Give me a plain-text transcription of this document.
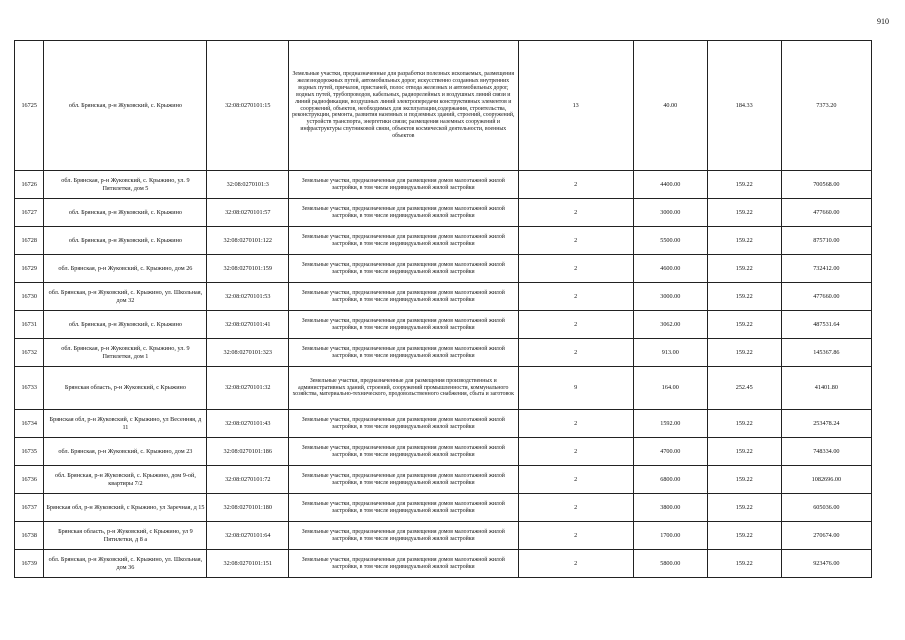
910
16725	обл. Брянская, р-н Жуковский, с. Крыжино	32:08:0270101:15	Земельные участки, предназначенные для разработки полезных ископаемых, размещения железнодорожных путей, автомобильных дорог, искусственно созданных внутренних водных путей, причалов, пристаней, полос отвода железных и автомобильных дорог, водных путей, трубопроводов, кабельных, радиорелейных и воздушных линий связи и линий радиофикации, воздушных линий электропередачи конструктивных элементов и сооружений, объектов, необходимых для эксплуатации,содержания, строительства, реконструкции, ремонта, развития наземных и подземных зданий, строений, сооружений, устройств транспорта, энергетики связи; размещения наземных сооружений и инфраструктуры спутниковой связи, объектов космической деятельности, военных объектов	13	40.00	184.33	7373.20
16726	обл. Брянская, р-н Жуковский, с. Крыжино, ул. 9 Пятилетки, дом 5	32:08:0270101:3	Земельные участки, предназначенные для размещения домов малоэтажной жилой застройки, в том числе индивидуальной жилой застройки	2	4400.00	159.22	700568.00
16727	обл. Брянская, р-н Жуковский, с. Крыжино	32:08:0270101:57	Земельные участки, предназначенные для размещения домов малоэтажной жилой застройки, в том числе индивидуальной жилой застройки	2	3000.00	159.22	477660.00
16728	обл. Брянская, р-н Жуковский, с. Крыжино	32:08:0270101:122	Земельные участки, предназначенные для размещения домов малоэтажной жилой застройки, в том числе индивидуальной жилой застройки	2	5500.00	159.22	875710.00
16729	обл. Брянская, р-н Жуковский, с. Крыжино, дом 26	32:08:0270101:159	Земельные участки, предназначенные для размещения домов малоэтажной жилой застройки, в том числе индивидуальной жилой застройки	2	4600.00	159.22	732412.00
16730	обл. Брянская, р-н Жуковский, с. Крыжино, ул. Школьная, дом 32	32:08:0270101:53	Земельные участки, предназначенные для размещения домов малоэтажной жилой застройки, в том числе индивидуальной жилой застройки	2	3000.00	159.22	477660.00
16731	обл. Брянская, р-н Жуковский, с. Крыжино	32:08:0270101:41	Земельные участки, предназначенные для размещения домов малоэтажной жилой застройки, в том числе индивидуальной жилой застройки	2	3062.00	159.22	487531.64
16732	обл. Брянская, р-н Жуковский, с. Крыжино, ул. 9 Пятилетки, дом 1	32:08:0270101:323	Земельные участки, предназначенные для размещения домов малоэтажной жилой застройки, в том числе индивидуальной жилой застройки	2	913.00	159.22	145367.86
16733	Брянская область, р-н Жуковский, с Крыжино	32:08:0270101:32	Земельные участки, предназначенные для размещения производственных и административных зданий, строений, сооружений промышленности, коммунального хозяйства, материально-технического, продовольственного снабжения, сбыта и заготовок	9	164.00	252.45	41401.80
16734	Брянская обл, р-н Жуковский, с Крыжино, ул Весенняя, д 11	32:08:0270101:43	Земельные участки, предназначенные для размещения домов малоэтажной жилой застройки, в том числе индивидуальной жилой застройки	2	1592.00	159.22	253478.24
16735	обл. Брянская, р-н Жуковский, с. Крыжино, дом 23	32:08:0270101:186	Земельные участки, предназначенные для размещения домов малоэтажной жилой застройки, в том числе индивидуальной жилой застройки	2	4700.00	159.22	748334.00
16736	обл. Брянская, р-н Жуковский, с. Крыжино, дом 9-ой, квартиры 7/2	32:08:0270101:72	Земельные участки, предназначенные для размещения домов малоэтажной жилой застройки, в том числе индивидуальной жилой застройки	2	6800.00	159.22	1082696.00
16737	Брянская обл, р-н Жуковский, с Крыжино, ул Заречная, д 15	32:08:0270101:180	Земельные участки, предназначенные для размещения домов малоэтажной жилой застройки, в том числе индивидуальной жилой застройки	2	3800.00	159.22	605036.00
16738	Брянская область, р-н Жуковский, с Крыжино, ул 9 Пятилетки, д 8 а	32:08:0270101:64	Земельные участки, предназначенные для размещения домов малоэтажной жилой застройки, в том числе индивидуальной жилой застройки	2	1700.00	159.22	270674.00
16739	обл. Брянская, р-н Жуковский, с. Крыжино, ул. Школьная, дом 36	32:08:0270101:151	Земельные участки, предназначенные для размещения домов малоэтажной жилой застройки, в том числе индивидуальной жилой застройки	2	5800.00	159.22	923476.00
